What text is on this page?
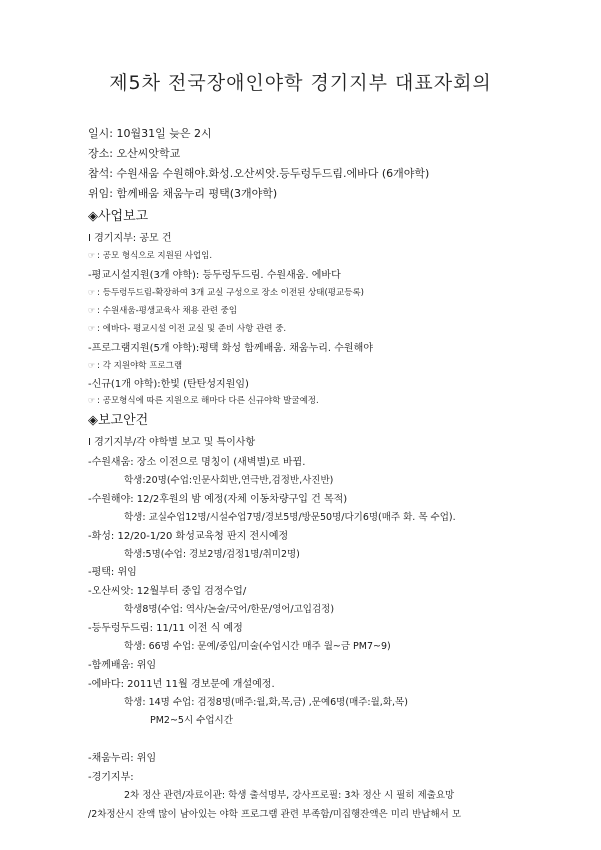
제5차 전국장애인야학 경기지부 대표자회의
일시: 10월31일 늦은 2시
장소: 오산씨앗학교
참석: 수원새움 수원해야.화성.오산씨앗.등두렁두드림.에바다 (6개야학)
위임: 함께배움 채움누리 평택(3개야학)
◈사업보고
Ⅰ 경기지부: 공모 건
☞ : 공모 형식으로 지원된 사업임.
-평교시설지원(3개 야학): 등두렁두드림. 수원새움. 에바다
☞ : 등두렁두드림-확장하여 3개 교실 구성으로 장소 이전된 상태(평교등록)
☞ : 수원새움-평생교육사 채용 관련 중임
☞ : 에바다- 평교시설 이전 교실 및 준비 사항 관련 중.
-프로그램지원(5개 야학):평택 화성 함께배움. 채움누리. 수원해야
☞ : 각 지원야학 프로그램
-신규(1개 야학):한빛 (탄탄성지원임)
☞ : 공모형식에 따른 지원으로 해마다 다른 신규야학 발굴예정.
◈보고안건
Ⅰ 경기지부/각 야학별 보고 및 특이사항
-수원새움: 장소 이전으로 명칭이 (새벽별)로 바뀜.
학생:20명(수업:인문사회반,연극반,검정반,사진반)
-수원해야: 12/2후원의 밤 예정(자체 이동차량구입 건 목적)
학생: 교실수업12명/시설수업7명/경보5명/방문50명/다기6명(매주 화. 목 수업).
-화성: 12/20-1/20 화성교육청 판지 전시예정
학생:5명(수업: 경보2명/검정1명/취미2명)
-평택: 위임
-오산씨앗: 12월부터 중입 검정수업/
학생8명(수업: 역사/논술/국어/한문/영어/고입검정)
-등두렁두드림: 11/11 이전 식 예정
학생: 66명 수업: 문예/중입/미술(수업시간 매주 월~금 PM7~9)
-함께배움: 위임
-에바다: 2011년 11월 경보문예 개설예정.
학생: 14명 수업: 검정8명(매주:월,화,목,금) ,문예6명(매주:월,화,목)
PM2~5시 수업시간
-채움누리: 위임
-경기지부:
2차 정산 관련/자료이관: 학생 출석명부, 강사프로필: 3차 정산 시 필히 제출요망
/2차정산시 잔액 많이 남아있는 야학 프로그램 관련 부족함/미집행잔액은 미리 반납해서 모
